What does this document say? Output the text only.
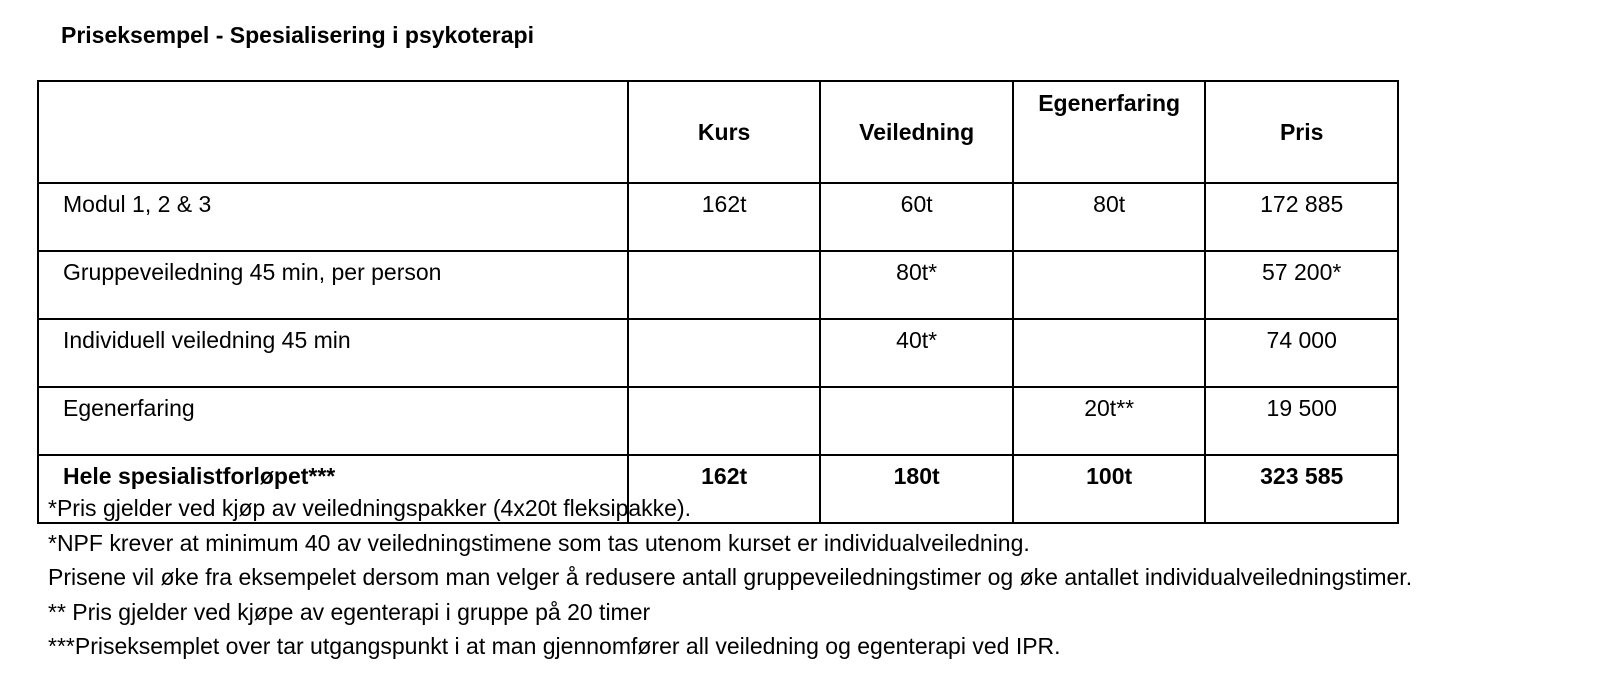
Priseksempel - Spesialisering i psykoterapi
	Kurs	Veiledning	Egenerfaring	Pris
Modul 1, 2 & 3	162t	60t	80t	172 885
Gruppeveiledning 45 min, per person		80t*		57 200*
Individuell veiledning 45 min		40t*		74 000
Egenerfaring			20t**	19 500
Hele spesialistforløpet***	162t	180t	100t	323 585
*Pris gjelder ved kjøp av veiledningspakker (4x20t fleksipakke).
*NPF krever at minimum 40 av veiledningstimene som tas utenom kurset er individualveiledning.
Prisene vil øke fra eksempelet dersom man velger å redusere antall gruppeveiledningstimer og øke antallet individualveiledningstimer.
** Pris gjelder ved kjøpe av egenterapi i gruppe på 20 timer
***Priseksemplet over tar utgangspunkt i at man gjennomfører all veiledning og egenterapi ved IPR.
